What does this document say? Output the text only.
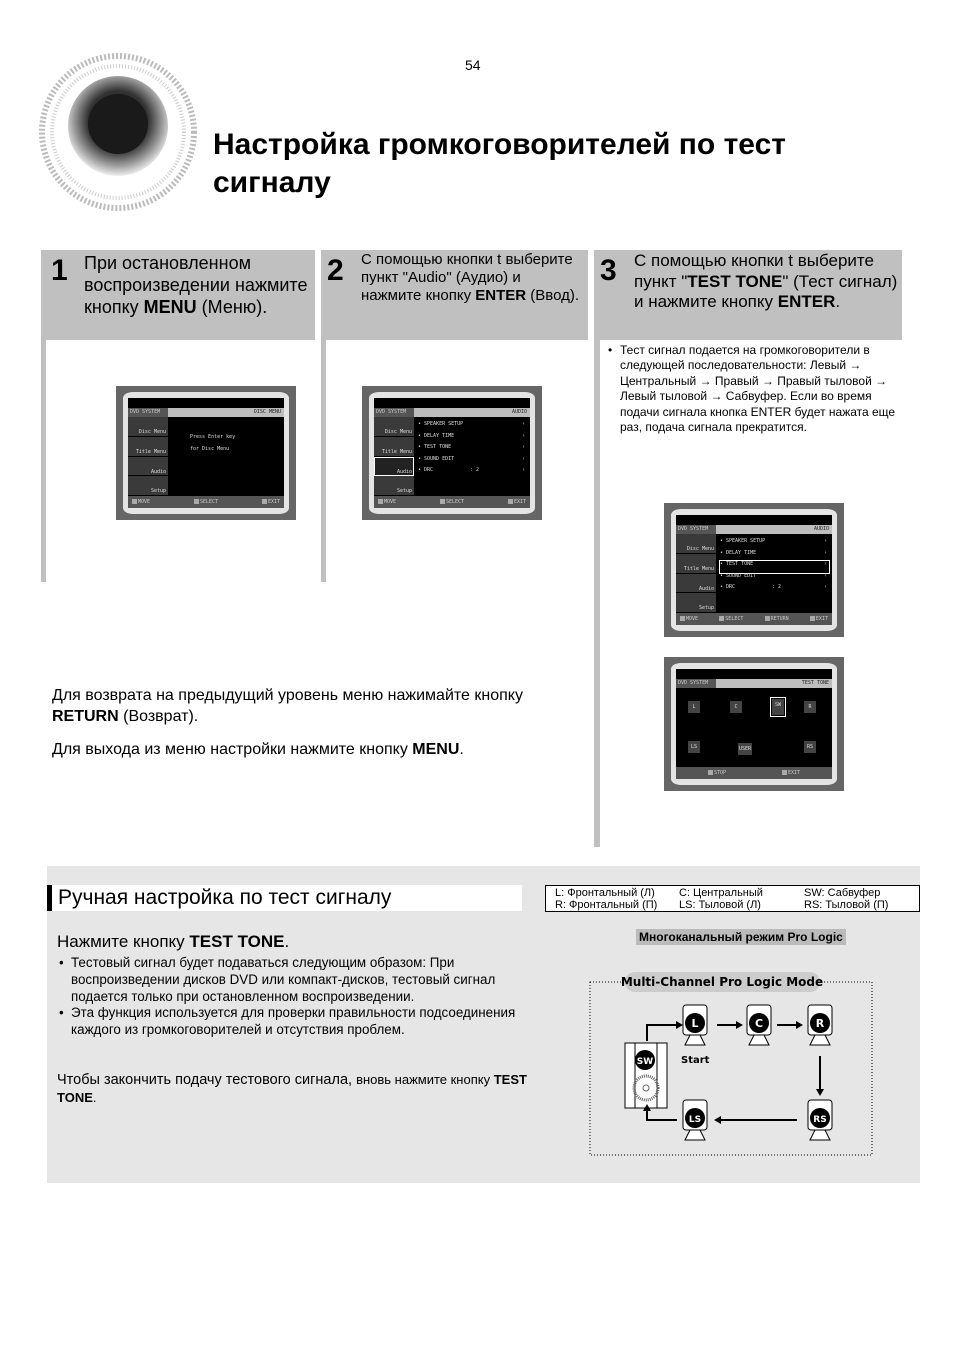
54
Настройка громкоговорителей по тест сигналу
1 При остановленном воспроизведении нажмите кнопку MENU (Меню).
2 С помощью кнопки t выберите пункт "Audio" (Аудио) и нажмите кнопку ENTER (Ввод).
3 С помощью кнопки t выберите пункт "TEST TONE" (Тест сигнал) и нажмите кнопку ENTER.
• Тест сигнал подается на громкоговорители в следующей последовательности: Левый → Центральный → Правый → Правый тыловой → Левый тыловой → Сабвуфер. Если во время подачи сигнала кнопка ENTER будет нажата еще раз, подача сигнала прекратится.
DISC MENU
DVD SYSTEM
Disc Menu
Title Menu
Audio
Setup
Press Enter key
for Disc Menu
MOVE	SELECT	EXIT
AUDIO
DVD SYSTEM
Disc Menu
Title Menu
Audio
Setup
• SPEAKER SETUP	›
• DELAY TIME	›
• TEST TONE	›
• SOUND EDIT	›
• DRC	: 2	›
MOVE	SELECT	EXIT
AUDIO
DVD SYSTEM
Disc Menu
Title Menu
Audio
Setup
• SPEAKER SETUP	›
• DELAY TIME	›
• TEST TONE	›
• SOUND EDIT	›
• DRC	: 2	›
MOVE	SELECT	RETURN	EXIT
TEST TONE
DVD SYSTEM
L	C	SW	R
LS	USER	RS
STOP	EXIT
Для возврата на предыдущий уровень меню нажимайте кнопку RETURN (Возврат).
Для выхода из меню настройки нажмите кнопку MENU.
Ручная настройка по тест сигналу
Нажмите кнопку TEST TONE.
• Тестовый сигнал будет подаваться следующим образом: При воспроизведении дисков DVD или компакт-дисков, тестовый сигнал подается только при остановленном воспроизведении.
• Эта функция используется для проверки правильности подсоединения каждого из громкоговорителей и отсутствия проблем.
Чтобы закончить подачу тестового сигнала, вновь нажмите кнопку TEST TONE.
L: Фронтальный (Л) C: Центральный	SW: Сабвуфер
R: Фронтальный (П) LS: Тыловой (Л)	RS: Тыловой (П)
Многоканальный режим Pro Logic
Multi-Channel Pro Logic Mode
L	C	R
LS	RS
SW	Start
